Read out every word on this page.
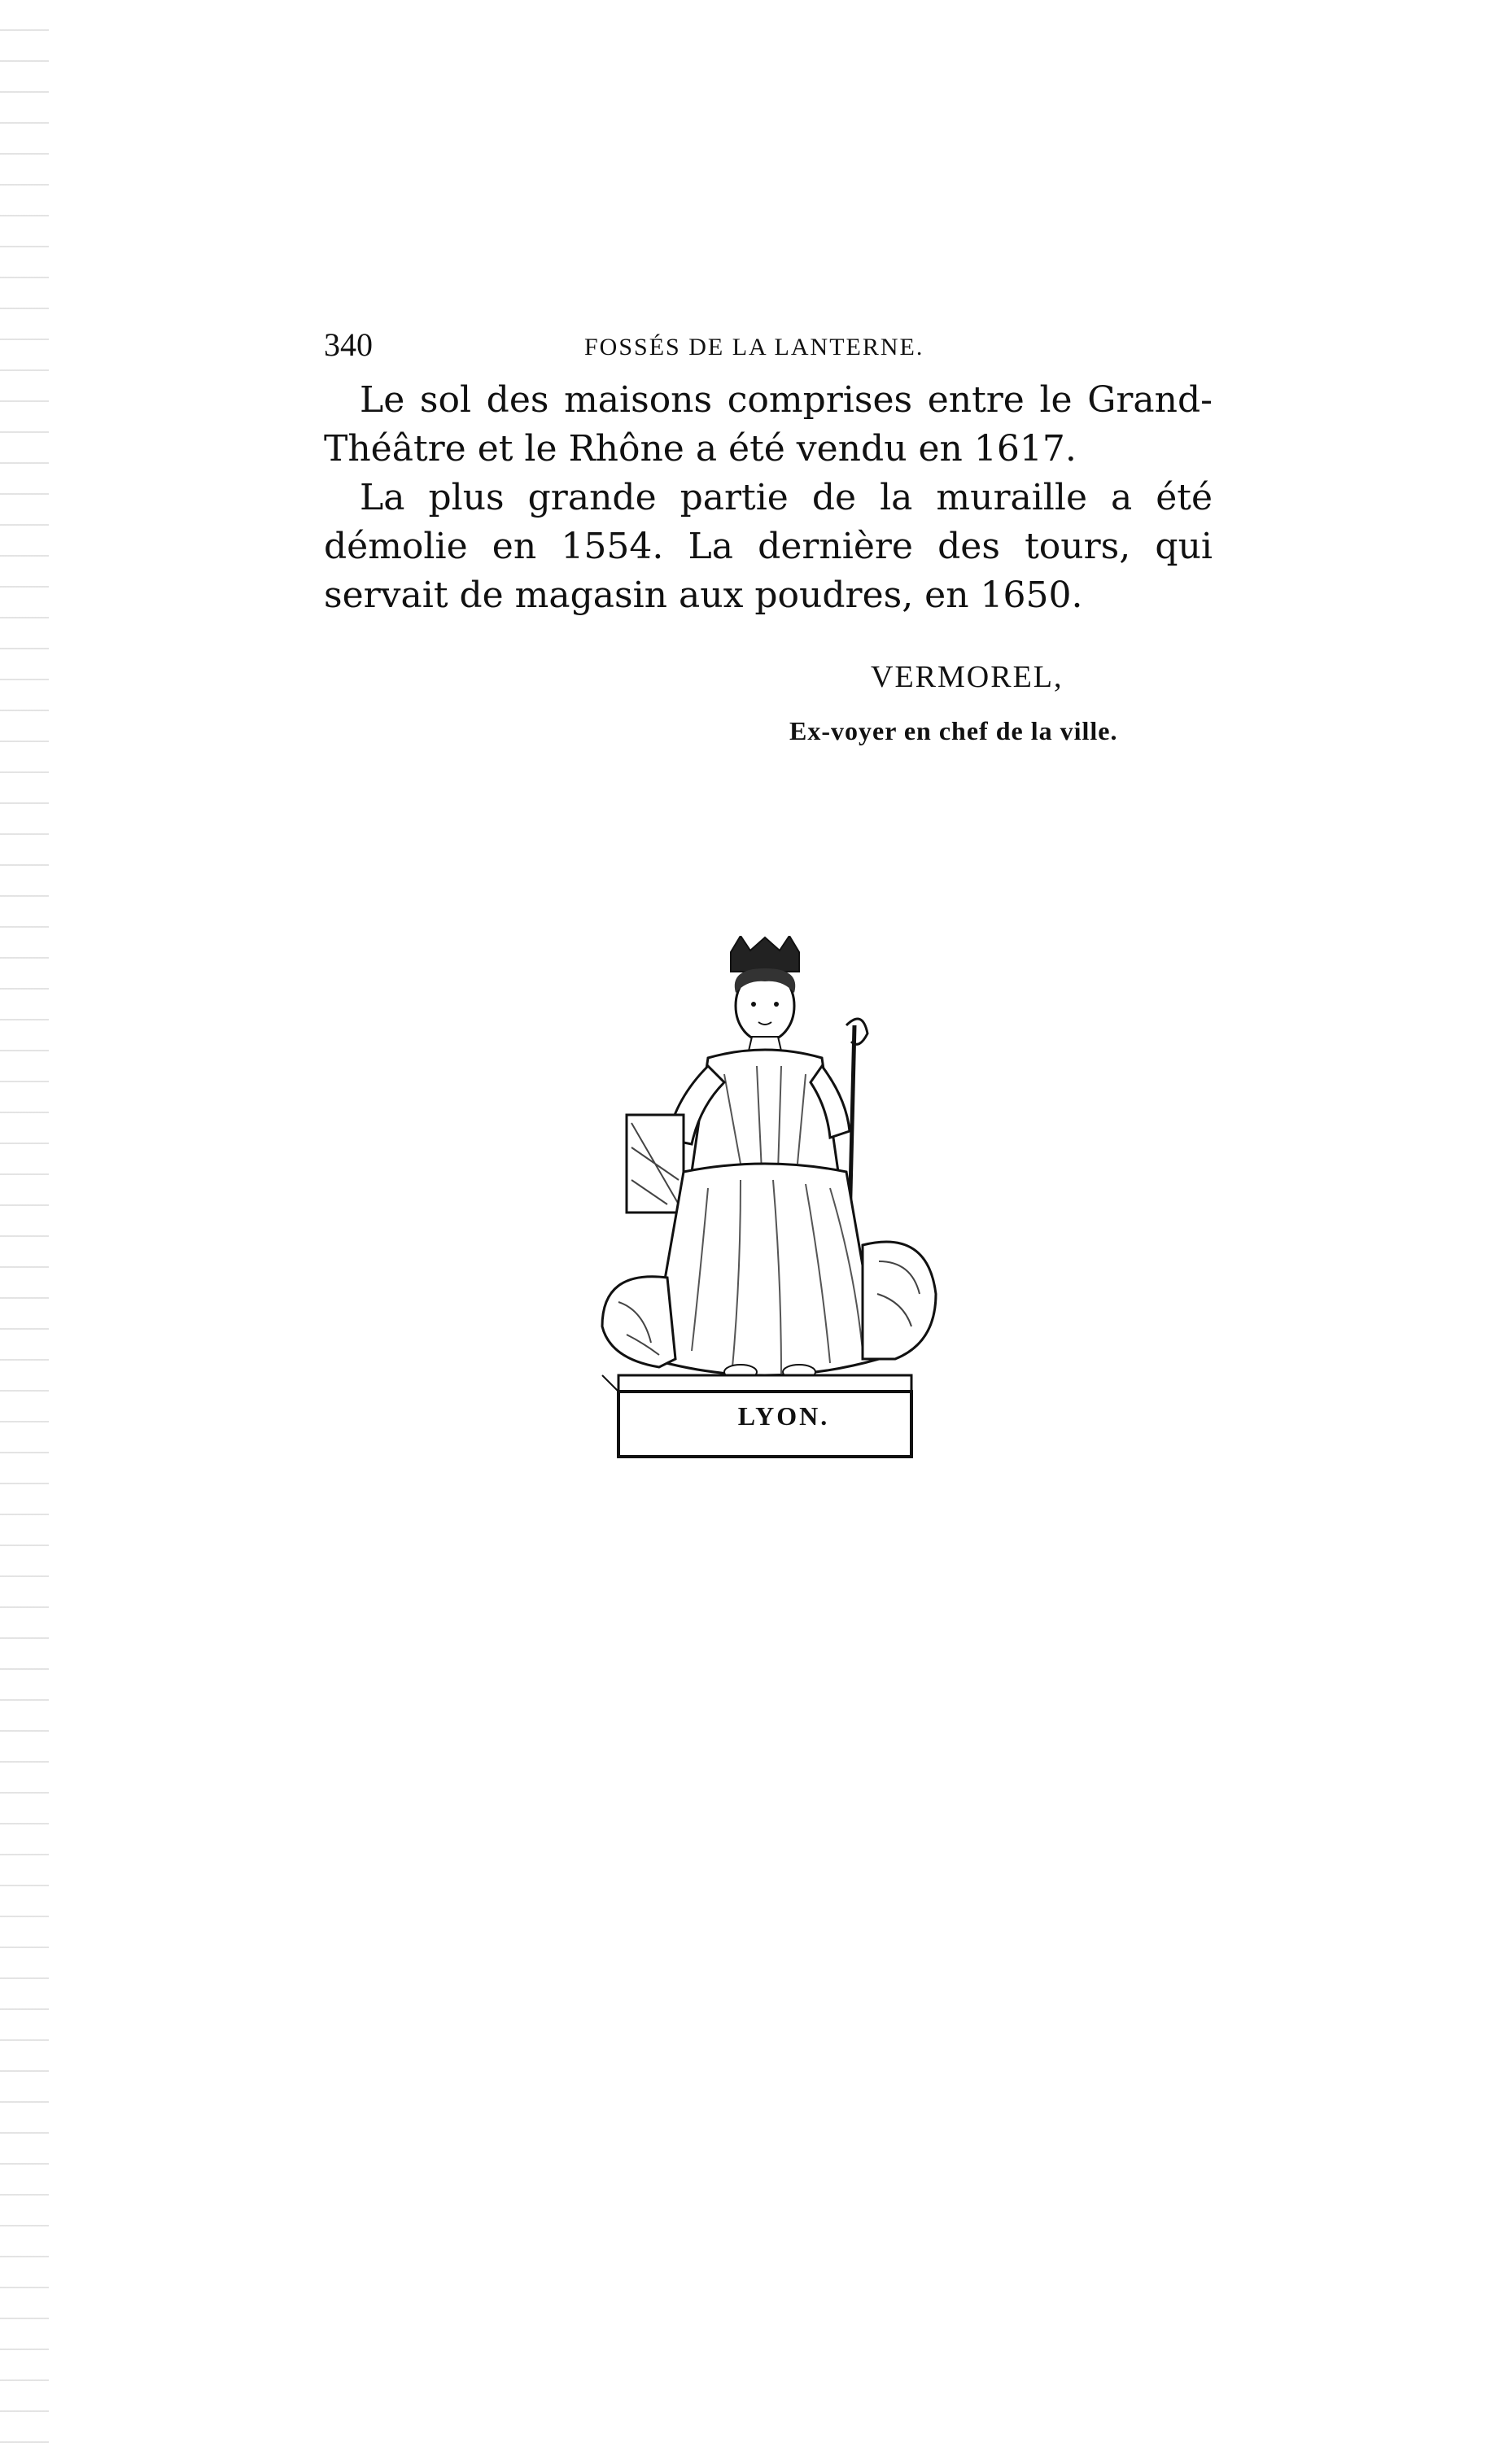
340	FOSSÉS DE LA LANTERNE.

Le sol des maisons comprises entre le Grand-Théâtre et le Rhône a été vendu en 1617.

La plus grande partie de la muraille a été démolie en 1554. La dernière des tours, qui servait de magasin aux poudres, en 1650.

VERMOREL,
Ex-voyer en chef de la ville.
LYON.
